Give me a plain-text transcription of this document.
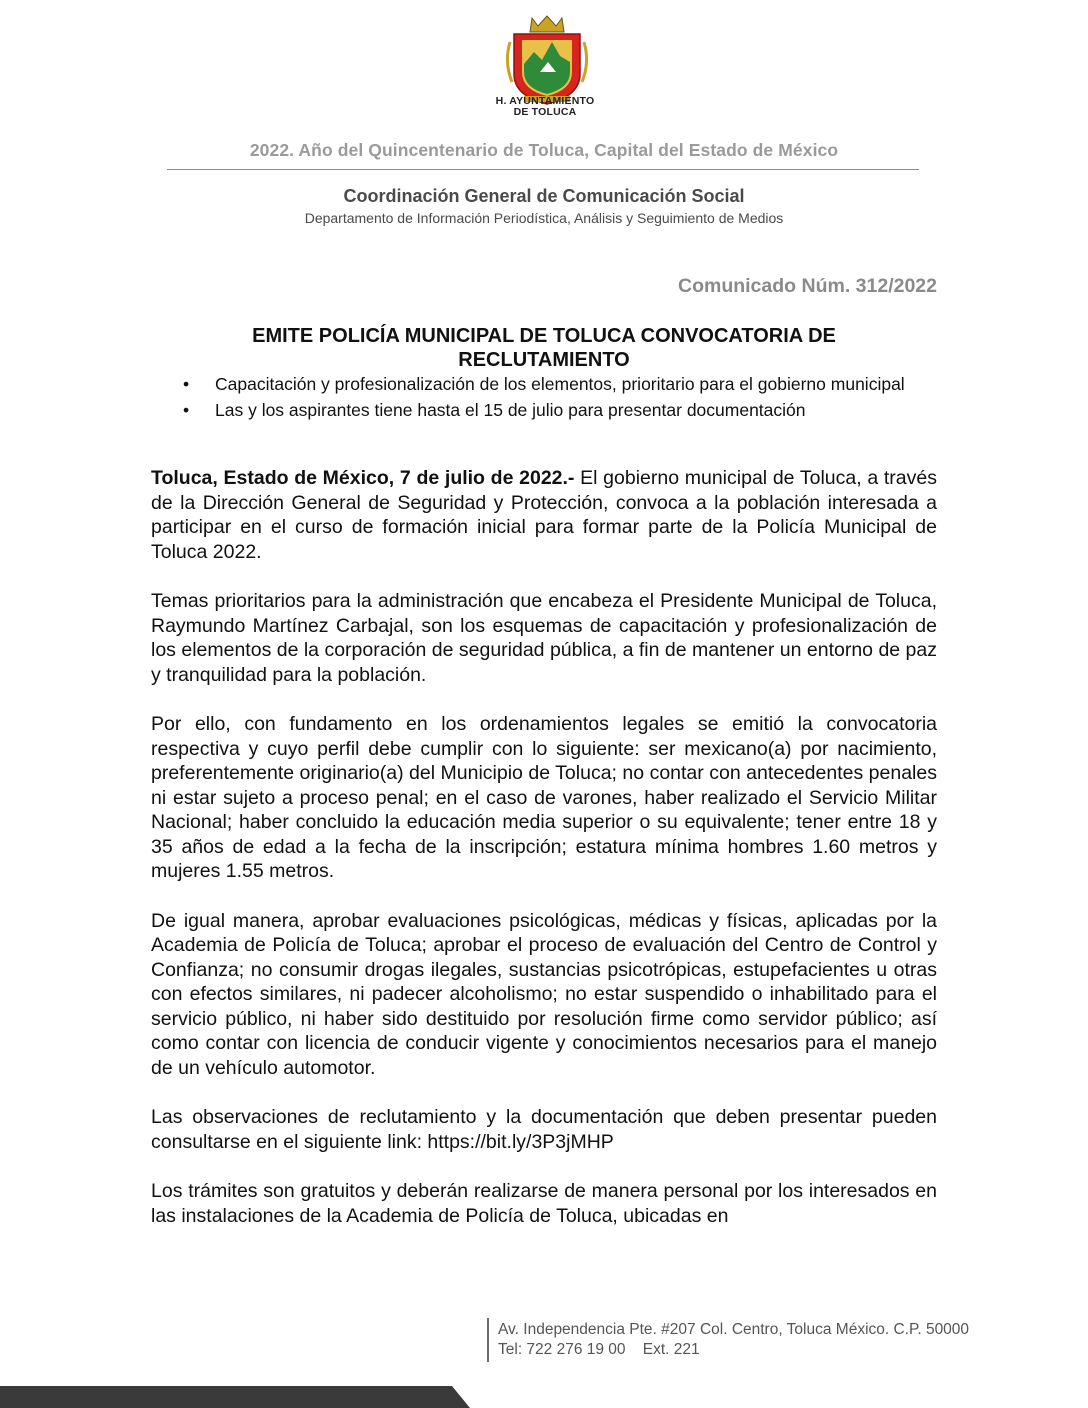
H. AYUNTAMIENTO
DE TOLUCA
2022. Año del Quincentenario de Toluca, Capital del Estado de México
Coordinación General de Comunicación Social
Departamento de Información Periodística, Análisis y Seguimiento de Medios
Comunicado Núm. 312/2022
EMITE POLICÍA MUNICIPAL DE TOLUCA CONVOCATORIA DE
RECLUTAMIENTO
• Capacitación y profesionalización de los elementos, prioritario para el gobierno municipal
• Las y los aspirantes tiene hasta el 15 de julio para presentar documentación

Toluca, Estado de México, 7 de julio de 2022.- El gobierno municipal de Toluca, a través de la Dirección General de Seguridad y Protección, convoca a la población interesada a participar en el curso de formación inicial para formar parte de la Policía Municipal de Toluca 2022.

Temas prioritarios para la administración que encabeza el Presidente Municipal de Toluca, Raymundo Martínez Carbajal, son los esquemas de capacitación y profesionalización de los elementos de la corporación de seguridad pública, a fin de mantener un entorno de paz y tranquilidad para la población.

Por ello, con fundamento en los ordenamientos legales se emitió la convocatoria respectiva y cuyo perfil debe cumplir con lo siguiente: ser mexicano(a) por nacimiento, preferentemente originario(a) del Municipio de Toluca; no contar con antecedentes penales ni estar sujeto a proceso penal; en el caso de varones, haber realizado el Servicio Militar Nacional; haber concluido la educación media superior o su equivalente; tener entre 18 y 35 años de edad a la fecha de la inscripción; estatura mínima hombres 1.60 metros y mujeres 1.55 metros.

De igual manera, aprobar evaluaciones psicológicas, médicas y físicas, aplicadas por la Academia de Policía de Toluca; aprobar el proceso de evaluación del Centro de Control y Confianza; no consumir drogas ilegales, sustancias psicotrópicas, estupefacientes u otras con efectos similares, ni padecer alcoholismo; no estar suspendido o inhabilitado para el servicio público, ni haber sido destituido por resolución firme como servidor público; así como contar con licencia de conducir vigente y conocimientos necesarios para el manejo de un vehículo automotor.

Las observaciones de reclutamiento y la documentación que deben presentar pueden consultarse en el siguiente link: https://bit.ly/3P3jMHP

Los trámites son gratuitos y deberán realizarse de manera personal por los interesados en las instalaciones de la Academia de Policía de Toluca, ubicadas en

Av. Independencia Pte. #207 Col. Centro, Toluca México. C.P. 50000
Tel: 722 276 19 00    Ext. 221
